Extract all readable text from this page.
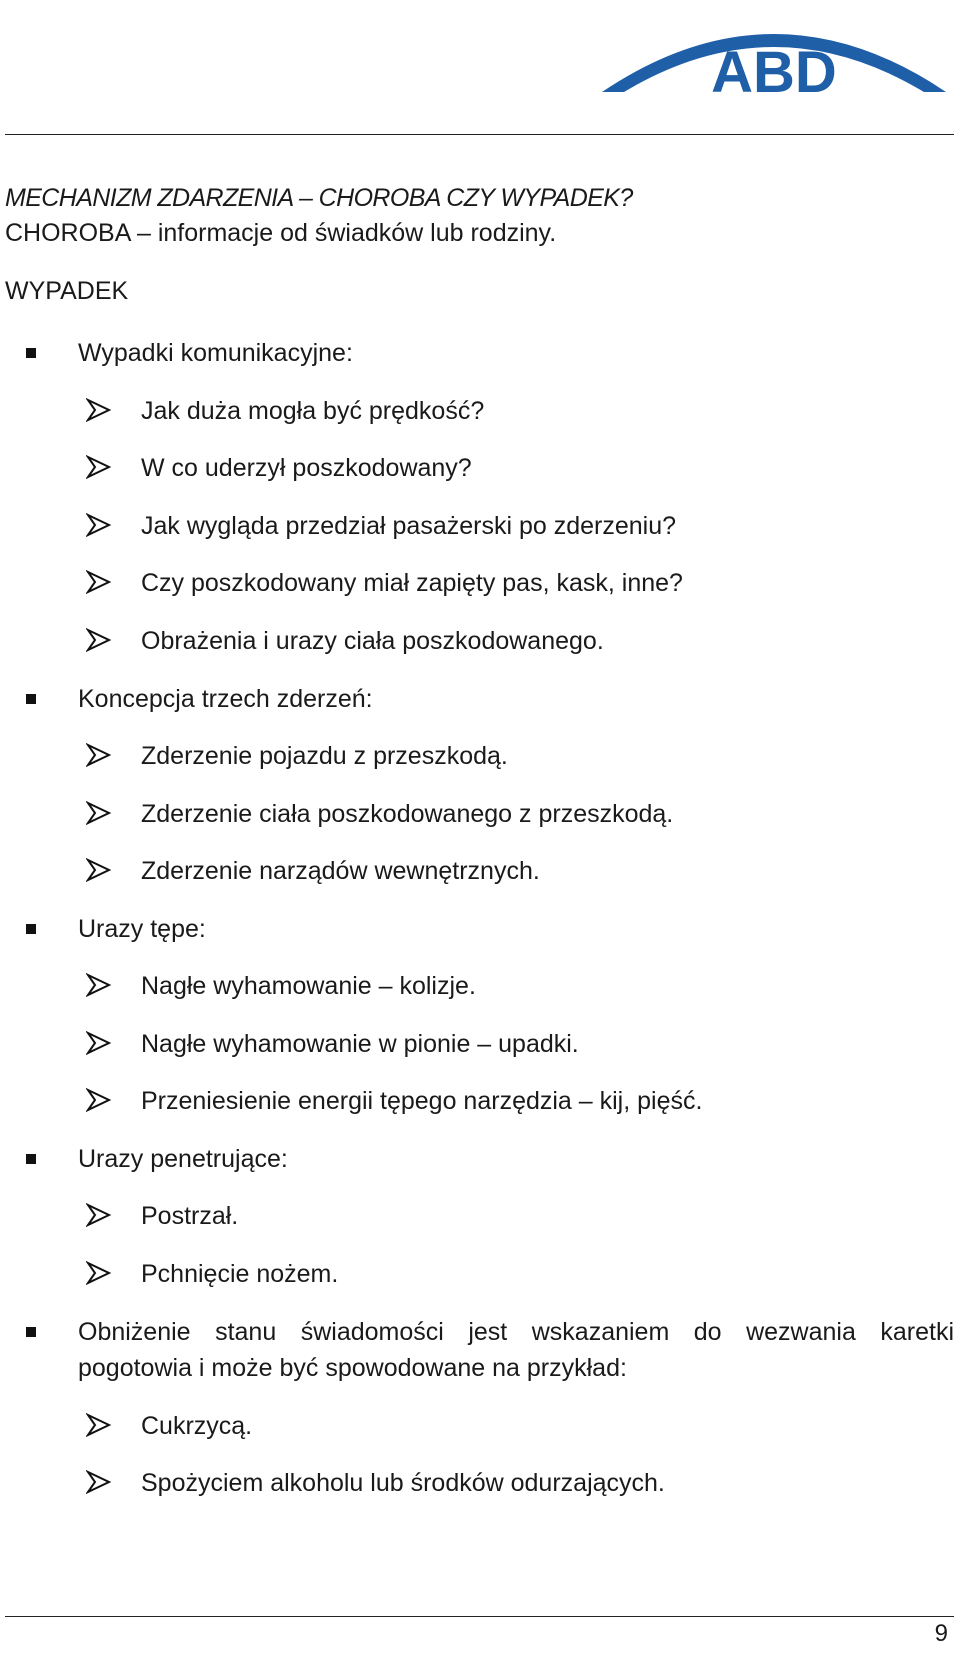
ABD
MECHANIZM ZDARZENIA – CHOROBA CZY WYPADEK?
CHOROBA – informacje od świadków lub rodziny.
WYPADEK
Wypadki komunikacyjne:
Jak duża mogła być prędkość?
W co uderzył poszkodowany?
Jak wygląda przedział pasażerski po zderzeniu?
Czy poszkodowany miał zapięty pas, kask, inne?
Obrażenia i urazy ciała poszkodowanego.
Koncepcja trzech zderzeń:
Zderzenie pojazdu z przeszkodą.
Zderzenie ciała poszkodowanego z przeszkodą.
Zderzenie narządów wewnętrznych.
Urazy tępe:
Nagłe wyhamowanie – kolizje.
Nagłe wyhamowanie w pionie – upadki.
Przeniesienie energii tępego narzędzia – kij, pięść.
Urazy penetrujące:
Postrzał.
Pchnięcie nożem.
Obniżenie stanu świadomości jest wskazaniem do wezwania karetki
pogotowia i może być spowodowane na przykład:
Cukrzycą.
Spożyciem alkoholu lub środków odurzających.
9
